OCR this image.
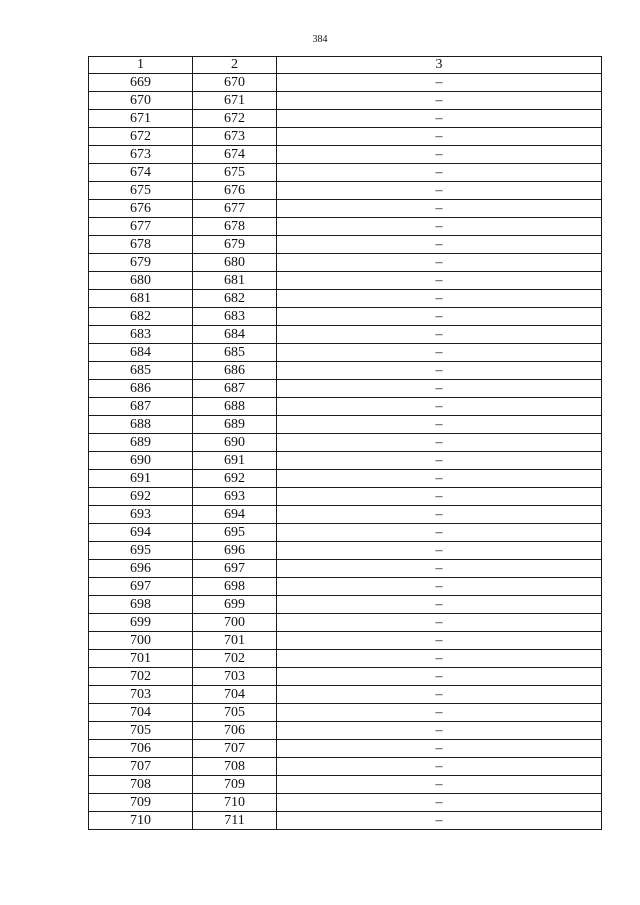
384
1	2	3
669	670	–
670	671	–
671	672	–
672	673	–
673	674	–
674	675	–
675	676	–
676	677	–
677	678	–
678	679	–
679	680	–
680	681	–
681	682	–
682	683	–
683	684	–
684	685	–
685	686	–
686	687	–
687	688	–
688	689	–
689	690	–
690	691	–
691	692	–
692	693	–
693	694	–
694	695	–
695	696	–
696	697	–
697	698	–
698	699	–
699	700	–
700	701	–
701	702	–
702	703	–
703	704	–
704	705	–
705	706	–
706	707	–
707	708	–
708	709	–
709	710	–
710	711	–
